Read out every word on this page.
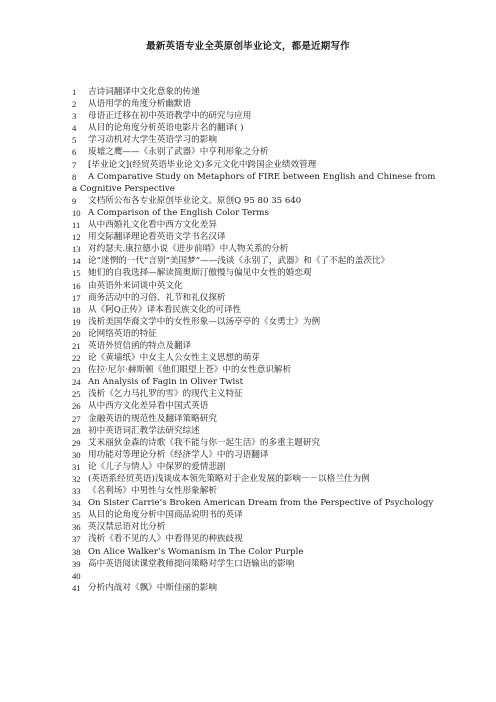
最新英语专业全英原创毕业论文，都是近期写作
1	吉诗词翻译中文化意象的传递
2	从语用学的角度分析幽默语
3	母语正迁移在初中英语教学中的研究与应用
4	从目的论角度分析英语电影片名的翻译( )
5	学习动机对大学生英语学习的影响
6	废墟之鹰——《永别了武器》中亨利形象之分析
7	[毕业论文](经贸英语毕业论文)多元文化中跨国企业绩效管理
8	A Comparative Study on Metaphors of FIRE between English and Chinese from a Cognitive Perspective
9	文档所公布各专业原创毕业论文。原创Q 95 80 35 640
10 A Comparison of the English Color Terms
11 从中西婚礼文化看中西方文化差异
12 用交际翻译理论看英语文学书名汉译
13 对约瑟夫.康拉德小说《进步前哨》中人物关系的分析
14 论“迷惘的一代”言别“美国梦”——浅谈《永别了，武器》和《了不起的盖茨比》
15 她们的自我选择—解读简奥斯汀傲慢与偏见中女性的婚恋观
16 由英语外来词谈中英文化
17 商务活动中的习俗、礼节和礼仪探析
18 从《阿Q正传》译本看民族文化的可译性
19 浅析美国华裔文学中的女性形象—以汤亭亭的《女勇士》为例
20 论网络英语的特征
21 英语外贸信函的特点及翻译
22 论《黄墙纸》中女主人公女性主义思想的萌芽
23 佐拉·尼尔·赫斯顿《他们眼望上苍》中的女性意识解析
24 An Analysis of Fagin in Oliver Twist
25 浅析《乞力马扎罗的雪》的现代主义特征
26 从中西方文化差异看中国式英语
27 金融英语的规范性及翻译策略研究
28 初中英语词汇教学法研究综述
29 艾米丽狄金森的诗歌《我不能与你一起生活》的多重主题研究
30 用功能对等理论分析《经济学人》中的习语翻译
31 论《儿子与情人》中保罗的爱情悲剧
32 (英语系经贸英语)浅谈成本领先策略对于企业发展的影响－－以格兰仕为例
33 《名利场》中男性与女性形象解析
34 On Sister Carrie’s Broken American Dream from the Perspective of Psychology
35 从目的论角度分析中国商品说明书的英译
36 英汉禁忌语对比分析
37 浅析《看不见的人》中看得见的种族歧视
38 On Alice Walker’s Womanism in The Color Purple
39 高中英语阅读课堂教师提问策略对学生口语输出的影响
40
41 分析内战对《飘》中斯佳丽的影响
